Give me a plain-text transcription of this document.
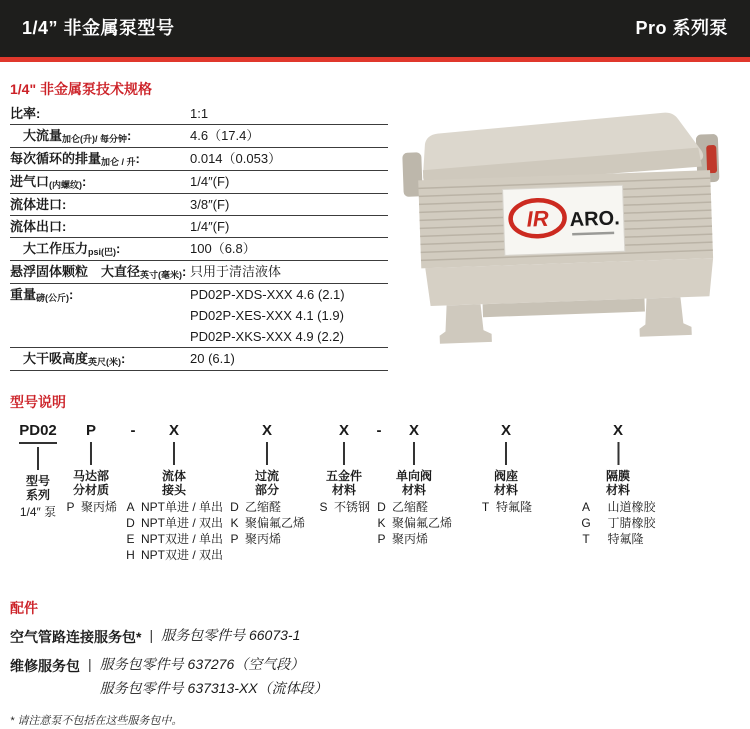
1/4” 非金属泵型号	Pro 系列泵
1/4" 非金属泵技术规格
比率:	1:1
　大流量加仑(升)/ 每分钟:	4.6（17.4）
每次循环的排量加仑 / 升:	0.014（0.053）
进气口(内螺纹):	1/4″(F)
流体进口:	3/8″(F)
流体出口:	1/4″(F)
　大工作压力psi(巴):	100（6.8）
悬浮固体颗粒　大直径英寸(毫米): 只用于清洁液体
重量磅(公斤):	PD02P-XDS-XXX 4.6 (2.1)
PD02P-XES-XXX 4.1 (1.9)
PD02P-XKS-XXX 4.9 (2.2)
　大干吸高度英尺(米):	20 (6.1)
IR ARO.
型号说明
PD02
型号
系列
1/4″ 泵
P
马达部
分材质
P 聚丙烯
-	X
流体
接头
A NPT单进 / 单出
D NPT单进 / 双出
E NPT双进 / 单出
H NPT双进 / 双出
X
过流
部分
D 乙缩醛
K 聚偏氟乙烯
P 聚丙烯
X
五金件
材料
S 不锈钢
-	X
单向阀
材料
D 乙缩醛
K 聚偏氟乙烯
P 聚丙烯
X
阀座
材料
T 特氟隆
X
隔膜
材料
A 山道橡胶
G 丁腈橡胶
T 特氟隆
配件
空气管路连接服务包* | 服务包零件号 66073-1
维修服务包 | 服务包零件号 637276（空气段）
服务包零件号 637313-XX（流体段）
* 请注意泵不包括在这些服务包中。
